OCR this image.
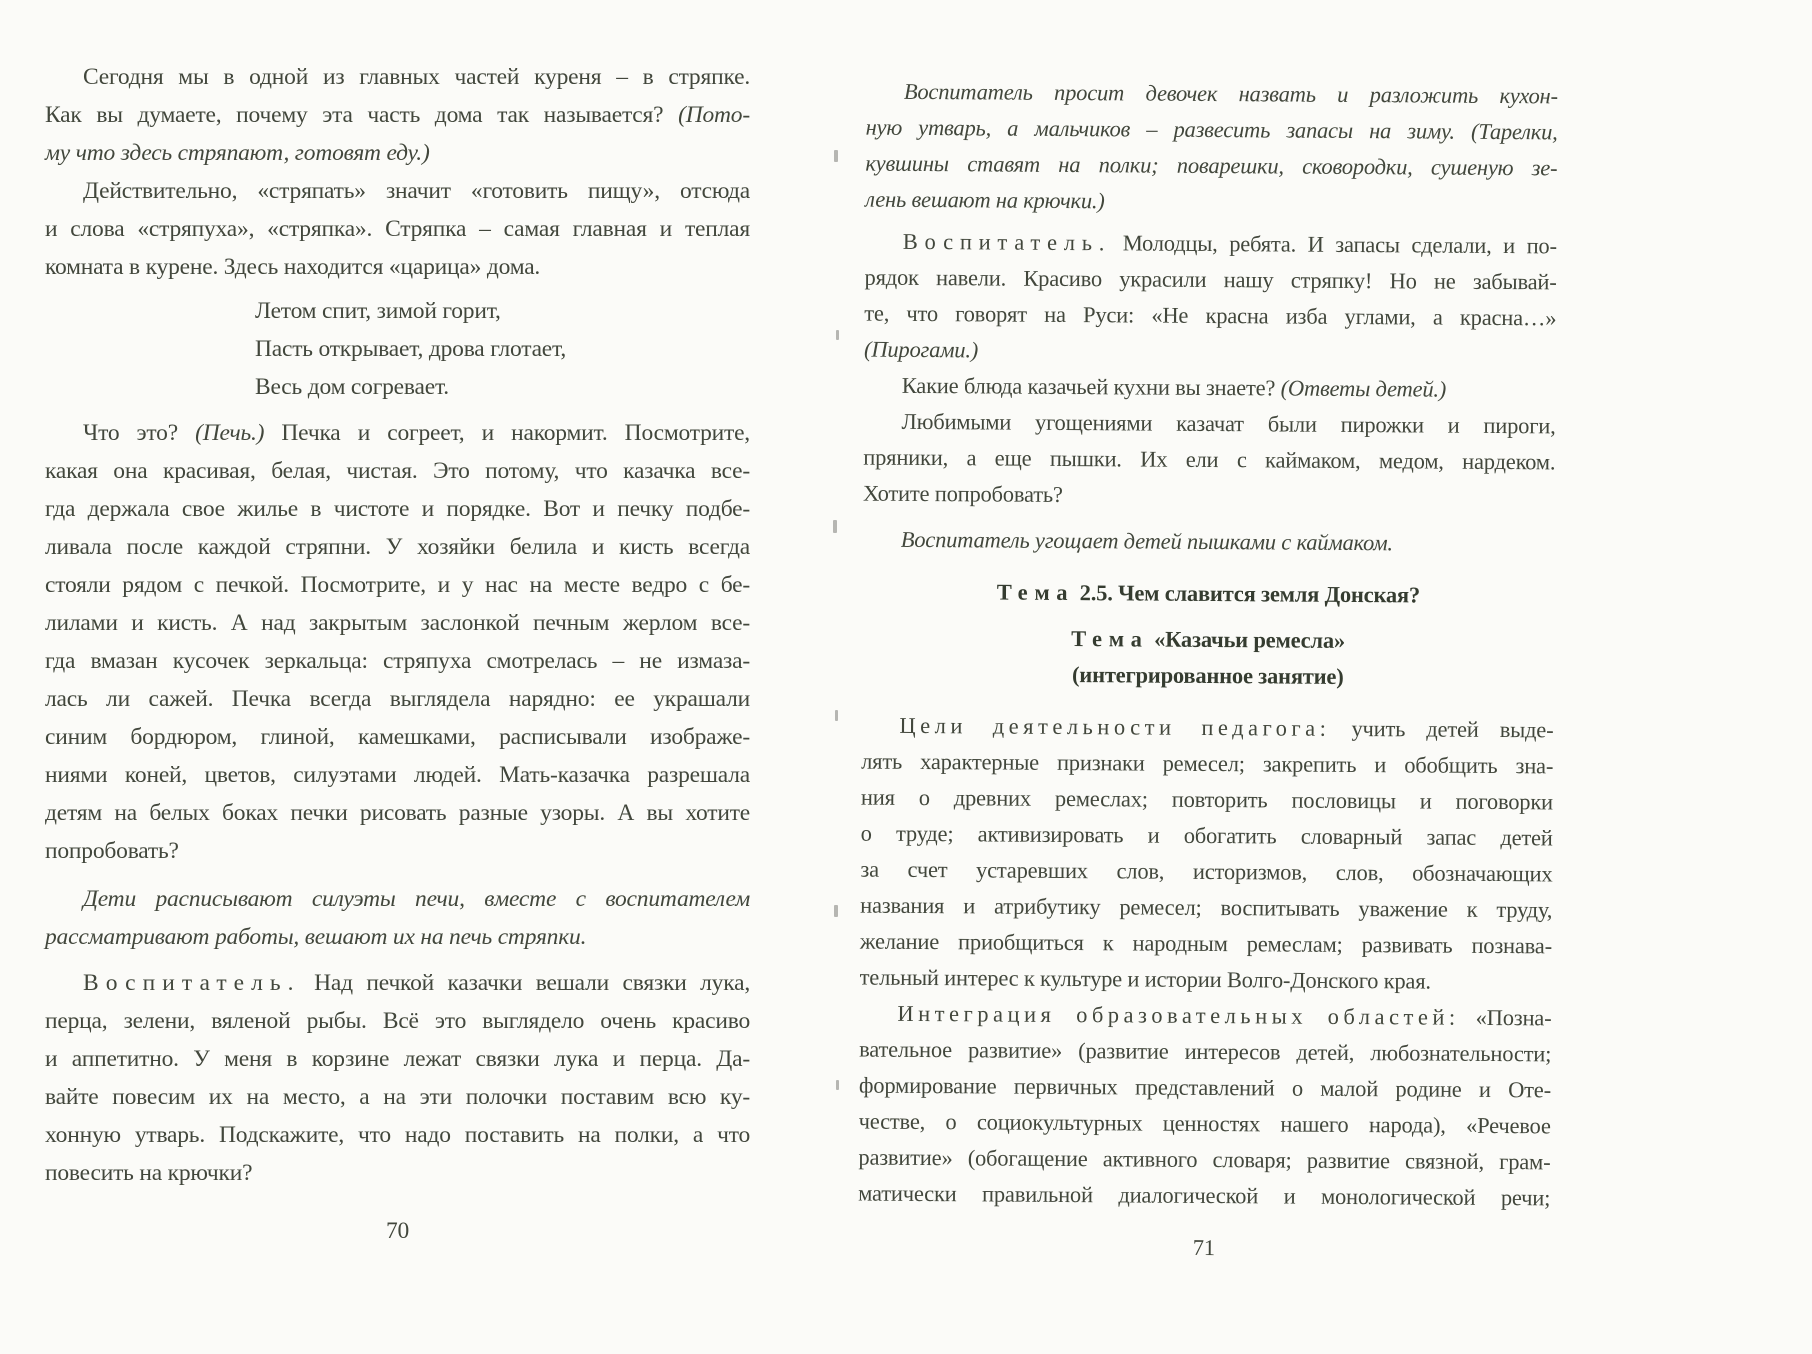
Сегодня мы в одной из главных частей куреня – в стряпке.
Как вы думаете, почему эта часть дома так называется? (Пото-
му что здесь стряпают, готовят еду.)
Действительно, «стряпать» значит «готовить пищу», отсюда
и слова «стряпуха», «стряпка». Стряпка – самая главная и теплая
комната в курене. Здесь находится «царица» дома.
Летом спит, зимой горит,
Пасть открывает, дрова глотает,
Весь дом согревает.
Что это? (Печь.) Печка и согреет, и накормит. Посмотрите,
какая она красивая, белая, чистая. Это потому, что казачка все-
гда держала свое жилье в чистоте и порядке. Вот и печку подбе-
ливала после каждой стряпни. У хозяйки белила и кисть всегда
стояли рядом с печкой. Посмотрите, и у нас на месте ведро с бе-
лилами и кисть. А над закрытым заслонкой печным жерлом все-
гда вмазан кусочек зеркальца: стряпуха смотрелась – не измаза-
лась ли сажей. Печка всегда выглядела нарядно: ее украшали
синим бордюром, глиной, камешками, расписывали изображе-
ниями коней, цветов, силуэтами людей. Мать-казачка разрешала
детям на белых боках печки рисовать разные узоры. А вы хотите
попробовать?
Дети расписывают силуэты печи, вместе с воспитателем
рассматривают работы, вешают их на печь стряпки.
Воспитатель. Над печкой казачки вешали связки лука,
перца, зелени, вяленой рыбы. Всё это выглядело очень красиво
и аппетитно. У меня в корзине лежат связки лука и перца. Да-
вайте повесим их на место, а на эти полочки поставим всю ку-
хонную утварь. Подскажите, что надо поставить на полки, а что
повесить на крючки?
70
Воспитатель просит девочек назвать и разложить кухон-
ную утварь, а мальчиков – развесить запасы на зиму. (Тарелки,
кувшины ставят на полки; поварешки, сковородки, сушеную зе-
лень вешают на крючки.)
Воспитатель. Молодцы, ребята. И запасы сделали, и по-
рядок навели. Красиво украсили нашу стряпку! Но не забывай-
те, что говорят на Руси: «Не красна изба углами, а красна…»
(Пирогами.)
Какие блюда казачьей кухни вы знаете? (Ответы детей.)
Любимыми угощениями казачат были пирожки и пироги,
пряники, а еще пышки. Их ели с каймаком, медом, нардеком.
Хотите попробовать?
Воспитатель угощает детей пышками с каймаком.
Тема 2.5. Чем славится земля Донская?
Тема «Казачьи ремесла»
(интегрированное занятие)
Цели деятельности педагога: учить детей выде-
лять характерные признаки ремесел; закрепить и обобщить зна-
ния о древних ремеслах; повторить пословицы и поговорки
о труде; активизировать и обогатить словарный запас детей
за счет устаревших слов, историзмов, слов, обозначающих
названия и атрибутику ремесел; воспитывать уважение к труду,
желание приобщиться к народным ремеслам; развивать познава-
тельный интерес к культуре и истории Волго-Донского края.
Интеграция образовательных областей: «Позна-
вательное развитие» (развитие интересов детей, любознательности;
формирование первичных представлений о малой родине и Оте-
честве, о социокультурных ценностях нашего народа), «Речевое
развитие» (обогащение активного словаря; развитие связной, грам-
матически правильной диалогической и монологической речи;
71
